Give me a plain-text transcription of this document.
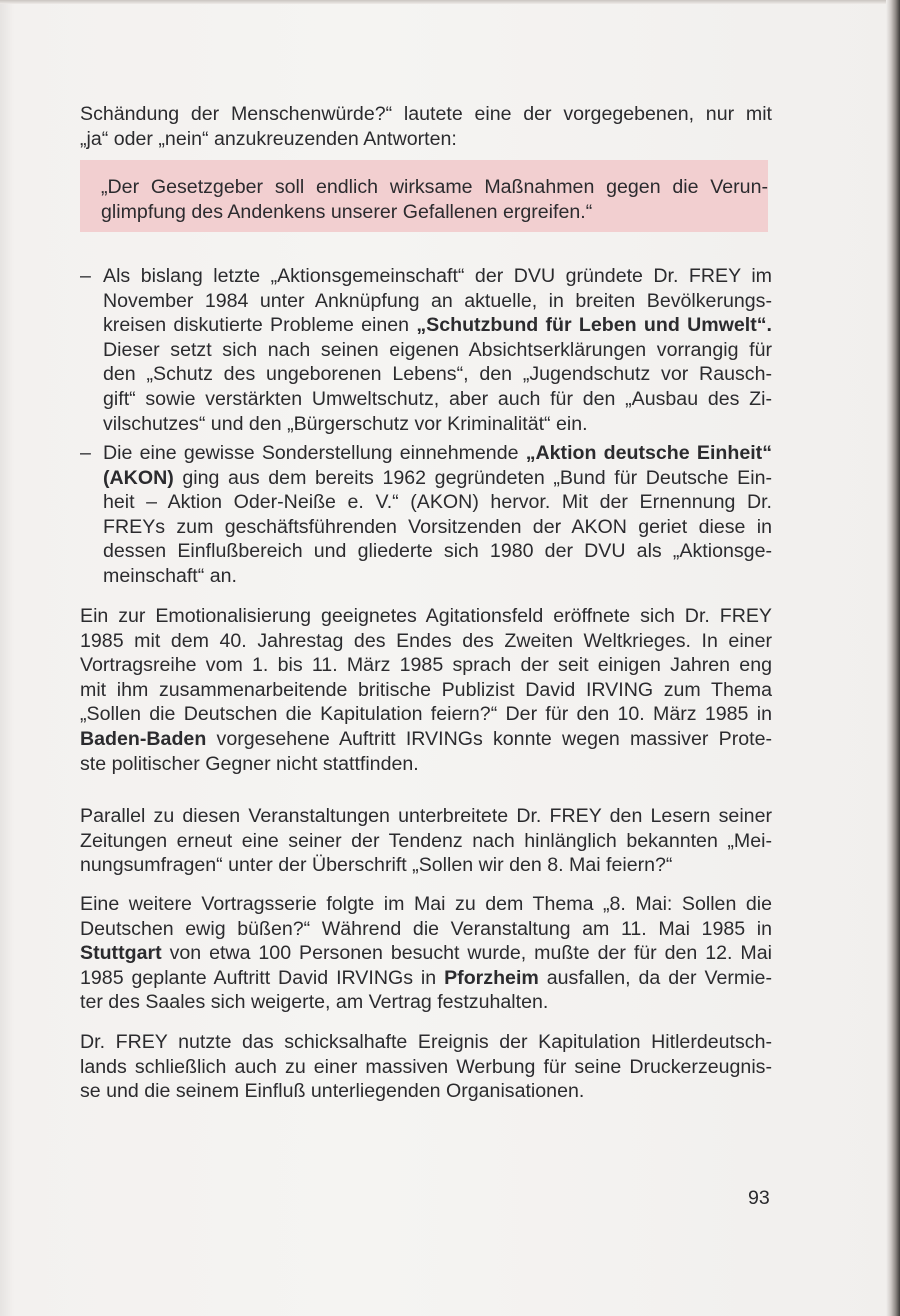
Schändung der Menschenwürde?“ lautete eine der vorgegebenen, nur mit
„ja“ oder „nein“ anzukreuzenden Antworten:
„Der Gesetzgeber soll endlich wirksame Maßnahmen gegen die Verun-
glimpfung des Andenkens unserer Gefallenen ergreifen.“
– Als bislang letzte „Aktionsgemeinschaft“ der DVU gründete Dr. FREY im
November 1984 unter Anknüpfung an aktuelle, in breiten Bevölkerungs-
kreisen diskutierte Probleme einen „Schutzbund für Leben und Umwelt“.
Dieser setzt sich nach seinen eigenen Absichtserklärungen vorrangig für
den „Schutz des ungeborenen Lebens“, den „Jugendschutz vor Rausch-
gift“ sowie verstärkten Umweltschutz, aber auch für den „Ausbau des Zi-
vilschutzes“ und den „Bürgerschutz vor Kriminalität“ ein.
– Die eine gewisse Sonderstellung einnehmende „Aktion deutsche Einheit“
(AKON) ging aus dem bereits 1962 gegründeten „Bund für Deutsche Ein-
heit – Aktion Oder-Neiße e. V.“ (AKON) hervor. Mit der Ernennung Dr.
FREYs zum geschäftsführenden Vorsitzenden der AKON geriet diese in
dessen Einflußbereich und gliederte sich 1980 der DVU als „Aktionsge-
meinschaft“ an.
Ein zur Emotionalisierung geeignetes Agitationsfeld eröffnete sich Dr. FREY
1985 mit dem 40. Jahrestag des Endes des Zweiten Weltkrieges. In einer
Vortragsreihe vom 1. bis 11. März 1985 sprach der seit einigen Jahren eng
mit ihm zusammenarbeitende britische Publizist David IRVING zum Thema
„Sollen die Deutschen die Kapitulation feiern?“ Der für den 10. März 1985 in
Baden-Baden vorgesehene Auftritt IRVINGs konnte wegen massiver Prote-
ste politischer Gegner nicht stattfinden.
Parallel zu diesen Veranstaltungen unterbreitete Dr. FREY den Lesern seiner
Zeitungen erneut eine seiner der Tendenz nach hinlänglich bekannten „Mei-
nungsumfragen“ unter der Überschrift „Sollen wir den 8. Mai feiern?“
Eine weitere Vortragsserie folgte im Mai zu dem Thema „8. Mai: Sollen die
Deutschen ewig büßen?“ Während die Veranstaltung am 11. Mai 1985 in
Stuttgart von etwa 100 Personen besucht wurde, mußte der für den 12. Mai
1985 geplante Auftritt David IRVINGs in Pforzheim ausfallen, da der Vermie-
ter des Saales sich weigerte, am Vertrag festzuhalten.
Dr. FREY nutzte das schicksalhafte Ereignis der Kapitulation Hitlerdeutsch-
lands schließlich auch zu einer massiven Werbung für seine Druckerzeugnis-
se und die seinem Einfluß unterliegenden Organisationen.
93
